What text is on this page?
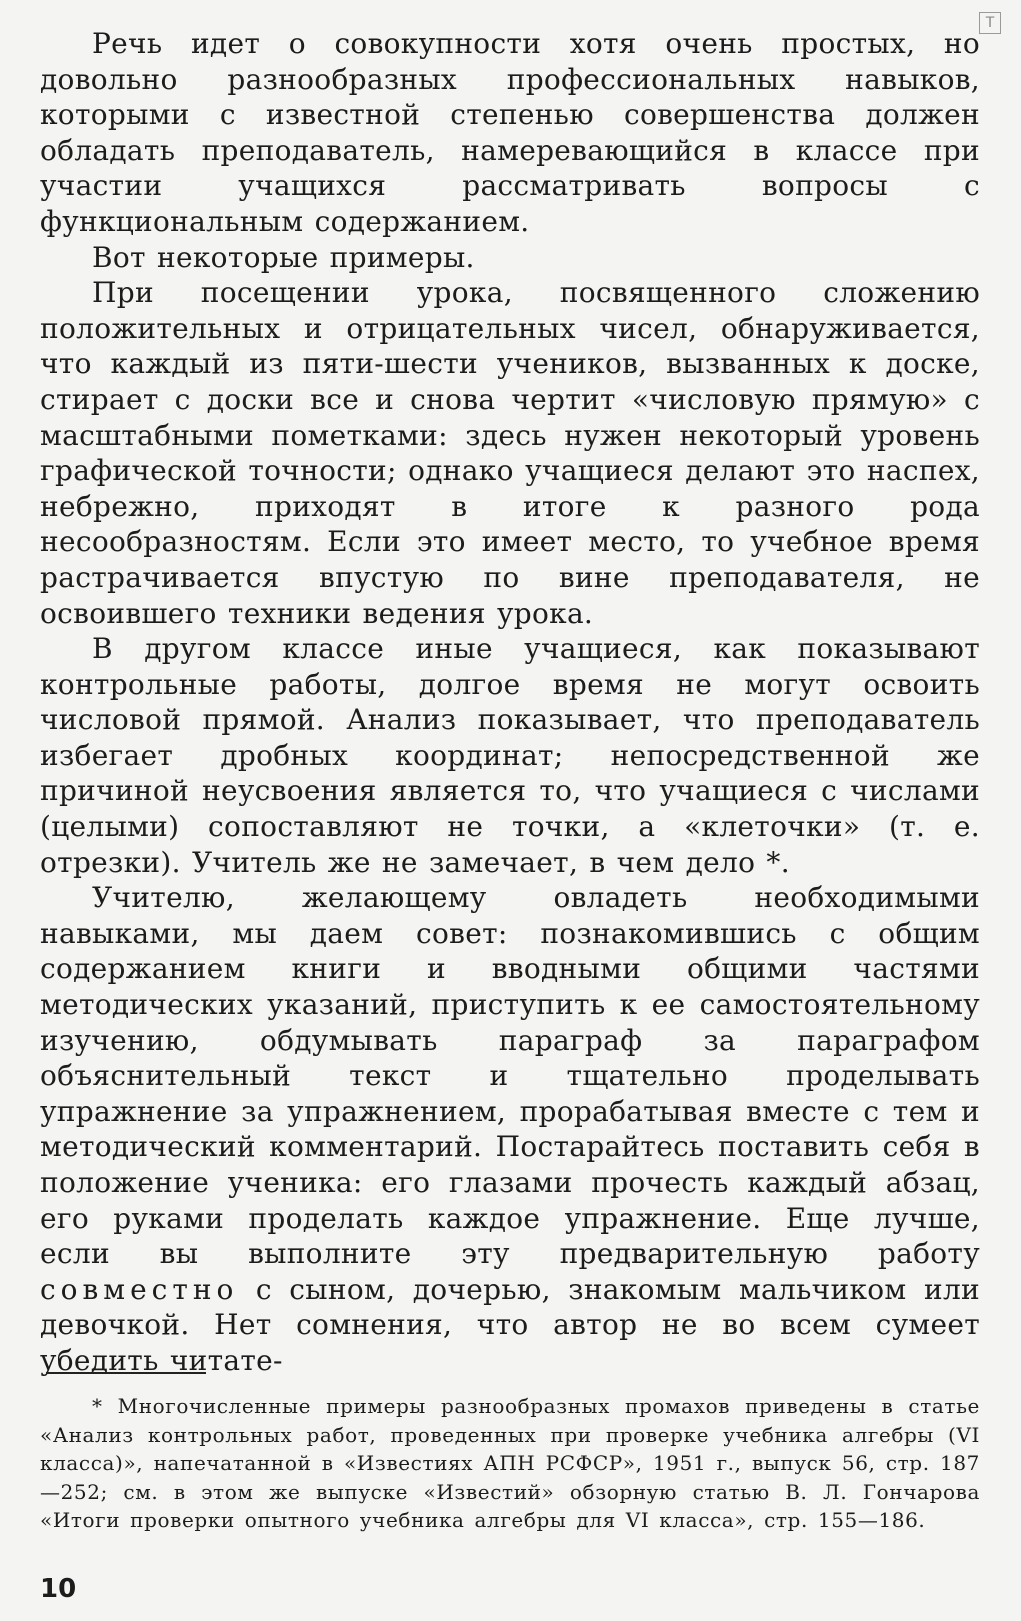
T

Речь идет о совокупности хотя очень простых, но довольно разнообразных профессиональных навыков, которыми с известной степенью совершенства должен обладать преподаватель, намеревающийся в классе при участии учащихся рассматривать вопросы с функциональным содержанием.

Вот некоторые примеры.

При посещении урока, посвященного сложению положительных и отрицательных чисел, обнаруживается, что каждый из пяти-шести учеников, вызванных к доске, стирает с доски все и снова чертит «числовую прямую» с масштабными пометками: здесь нужен некоторый уровень графической точности; однако учащиеся делают это наспех, небрежно, приходят в итоге к разного рода несообразностям. Если это имеет место, то учебное время растрачивается впустую по вине преподавателя, не освоившего техники ведения урока.

В другом классе иные учащиеся, как показывают контрольные работы, долгое время не могут освоить числовой прямой. Анализ показывает, что преподаватель избегает дробных координат; непосредственной же причиной неусвоения является то, что учащиеся с числами (целыми) сопоставляют не точки, а «клеточки» (т. е. отрезки). Учитель же не замечает, в чем дело *.

Учителю, желающему овладеть необходимыми навыками, мы даем совет: познакомившись с общим содержанием книги и вводными общими частями методических указаний, приступить к ее самостоятельному изучению, обдумывать параграф за параграфом объяснительный текст и тщательно проделывать упражнение за упражнением, прорабатывая вместе с тем и методический комментарий. Постарайтесь поставить себя в положение ученика: его глазами прочесть каждый абзац, его руками проделать каждое упражнение. Еще лучше, если вы выполните эту предварительную работу совместно с сыном, дочерью, знакомым мальчиком или девочкой. Нет сомнения, что автор не во всем сумеет убедить читате-

* Многочисленные примеры разнообразных промахов приведены в статье «Анализ контрольных работ, проведенных при проверке учебника алгебры (VI класса)», напечатанной в «Известиях АПН РСФСР», 1951 г., выпуск 56, стр. 187—252; см. в этом же выпуске «Известий» обзорную статью В. Л. Гончарова «Итоги проверки опытного учебника алгебры для VI класса», стр. 155—186.

10
